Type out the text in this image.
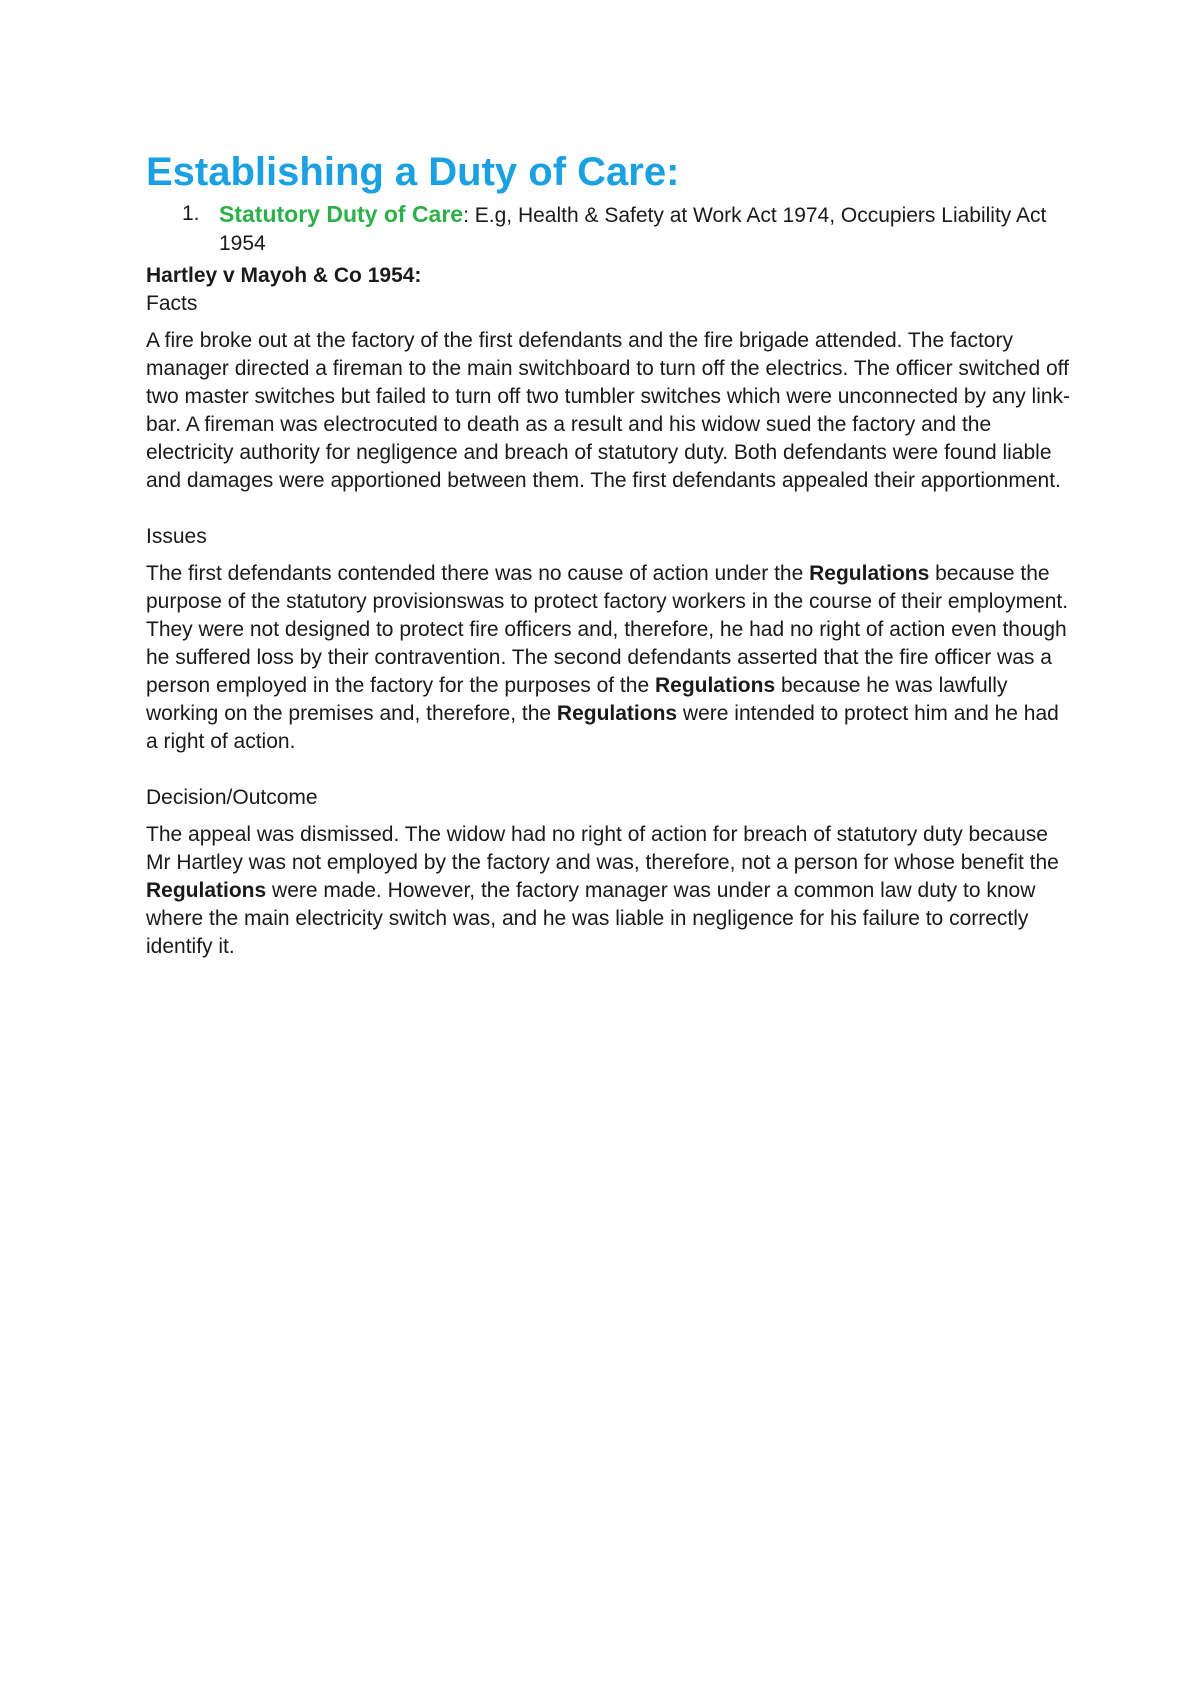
Establishing a Duty of Care:
1. Statutory Duty of Care: E.g, Health & Safety at Work Act 1974, Occupiers Liability Act 1954
Hartley v Mayoh & Co 1954:
Facts

A fire broke out at the factory of the first defendants and the fire brigade attended. The factory manager directed a fireman to the main switchboard to turn off the electrics. The officer switched off two master switches but failed to turn off two tumbler switches which were unconnected by any link-bar. A fireman was electrocuted to death as a result and his widow sued the factory and the electricity authority for negligence and breach of statutory duty. Both defendants were found liable and damages were apportioned between them. The first defendants appealed their apportionment.

Issues

The first defendants contended there was no cause of action under the Regulations because the purpose of the statutory provisionswas to protect factory workers in the course of their employment. They were not designed to protect fire officers and, therefore, he had no right of action even though he suffered loss by their contravention. The second defendants asserted that the fire officer was a person employed in the factory for the purposes of the Regulations because he was lawfully working on the premises and, therefore, the Regulations were intended to protect him and he had a right of action.

Decision/Outcome

The appeal was dismissed. The widow had no right of action for breach of statutory duty because Mr Hartley was not employed by the factory and was, therefore, not a person for whose benefit the Regulations were made. However, the factory manager was under a common law duty to know where the main electricity switch was, and he was liable in negligence for his failure to correctly identify it.
